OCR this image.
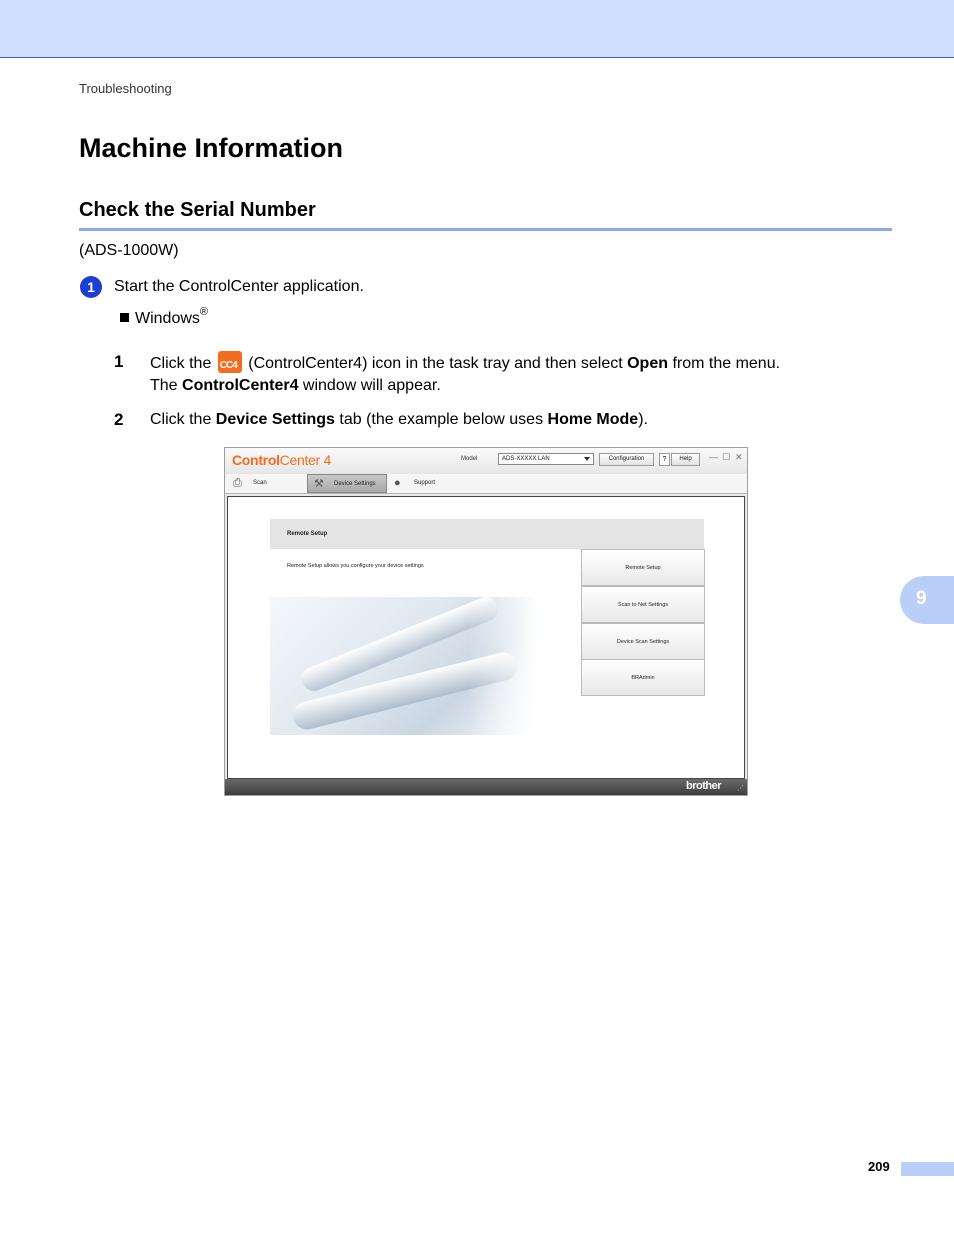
Troubleshooting
Machine Information
Check the Serial Number
(ADS-1000W)
1	Start the ControlCenter application.
Windows®
1 Click the CC4 (ControlCenter4) icon in the task tray and then select Open from the menu.
The ControlCenter4 window will appear.
2 Click the Device Settings tab (the example below uses Home Mode).
ControlCenter 4	Model	ADS-XXXXX LAN	Configuration	?	Help	— ☐ ✕
⎙	Scan	⚒	Device Settings	●	Support
Remote Setup
Remote Setup allows you configure your device settings	Remote Setup
Scan to Net Settings
Device Scan Settings
BRAdmin
brother ⋰
9
209
